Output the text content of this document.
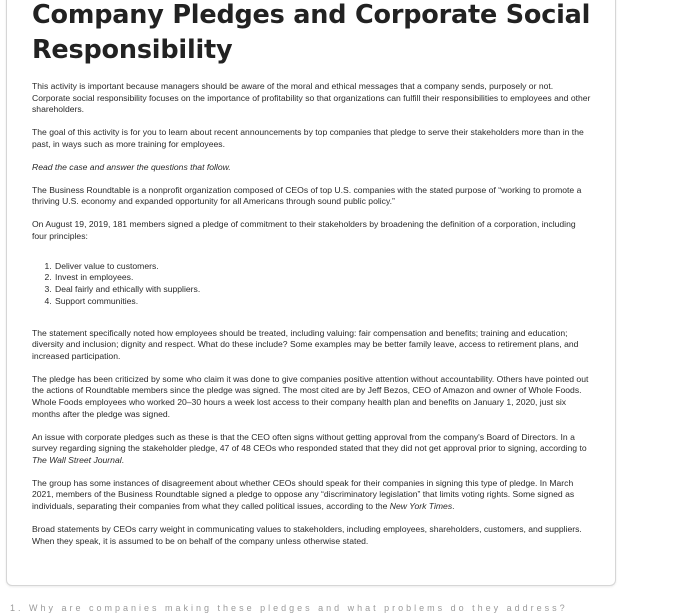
Company Pledges and Corporate Social Responsibility

This activity is important because managers should be aware of the moral and ethical messages that a company sends, purposely or not. Corporate social responsibility focuses on the importance of profitability so that organizations can fulfill their responsibilities to employees and other shareholders.

The goal of this activity is for you to learn about recent announcements by top companies that pledge to serve their stakeholders more than in the past, in ways such as more training for employees.

Read the case and answer the questions that follow.

The Business Roundtable is a nonprofit organization composed of CEOs of top U.S. companies with the stated purpose of “working to promote a thriving U.S. economy and expanded opportunity for all Americans through sound public policy.”

On August 19, 2019, 181 members signed a pledge of commitment to their stakeholders by broadening the definition of a corporation, including four principles:

1. Deliver value to customers.
2. Invest in employees.
3. Deal fairly and ethically with suppliers.
4. Support communities.

The statement specifically noted how employees should be treated, including valuing: fair compensation and benefits; training and education; diversity and inclusion; dignity and respect. What do these include? Some examples may be better family leave, access to retirement plans, and increased participation.

The pledge has been criticized by some who claim it was done to give companies positive attention without accountability. Others have pointed out the actions of Roundtable members since the pledge was signed. The most cited are by Jeff Bezos, CEO of Amazon and owner of Whole Foods. Whole Foods employees who worked 20–30 hours a week lost access to their company health plan and benefits on January 1, 2020, just six months after the pledge was signed.

An issue with corporate pledges such as these is that the CEO often signs without getting approval from the company's Board of Directors. In a survey regarding signing the stakeholder pledge, 47 of 48 CEOs who responded stated that they did not get approval prior to signing, according to The Wall Street Journal.

The group has some instances of disagreement about whether CEOs should speak for their companies in signing this type of pledge. In March 2021, members of the Business Roundtable signed a pledge to oppose any “discriminatory legislation” that limits voting rights. Some signed as individuals, separating their companies from what they called political issues, according to the New York Times.

Broad statements by CEOs carry weight in communicating values to stakeholders, including employees, shareholders, customers, and suppliers. When they speak, it is assumed to be on behalf of the company unless otherwise stated.

1. Why are companies making these pledges and what problems do they address?
